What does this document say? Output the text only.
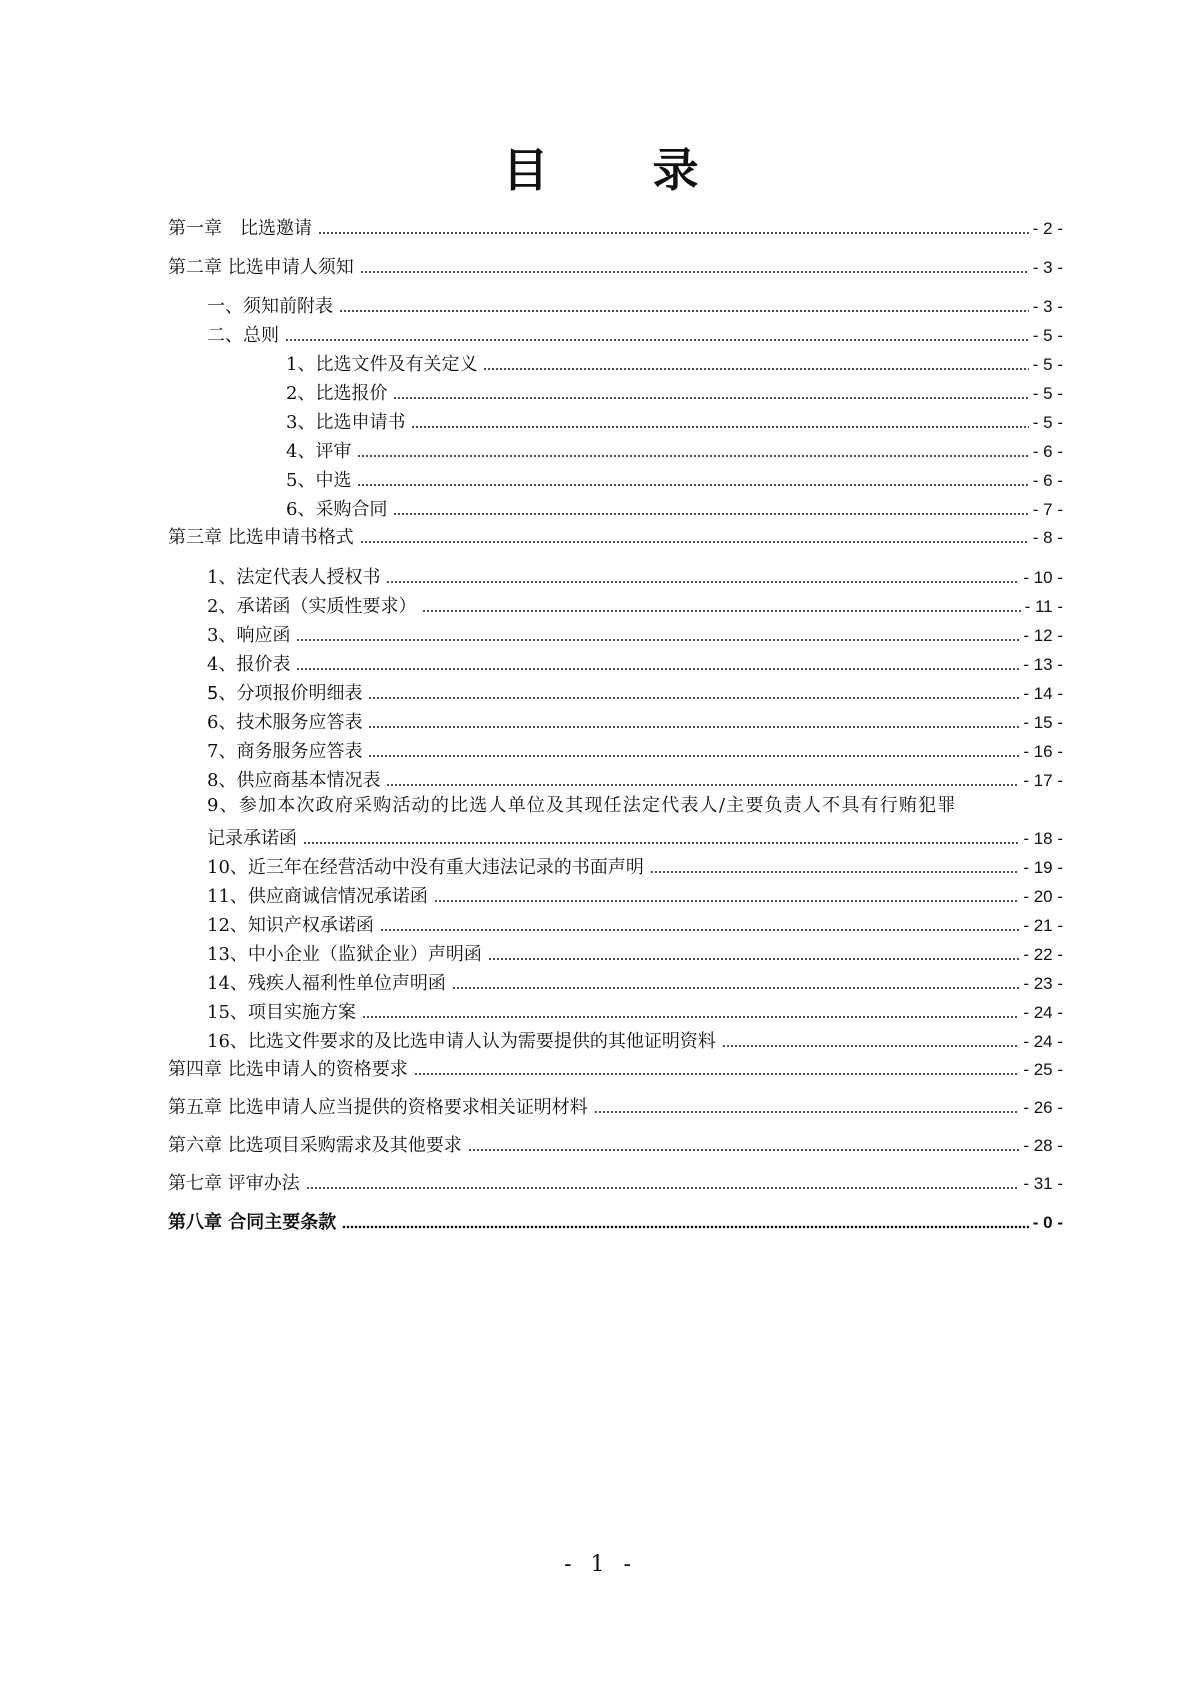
目 录
第一章　比选邀请	- 2 -
第二章 比选申请人须知	- 3 -
一、须知前附表	- 3 -
二、总则	- 5 -
1、比选文件及有关定义	- 5 -
2、比选报价	- 5 -
3、比选申请书	- 5 -
4、评审	- 6 -
5、中选	- 6 -
6、采购合同	- 7 -
第三章 比选申请书格式	- 8 -
1、法定代表人授权书	- 10 -
2、承诺函（实质性要求）	- 11 -
3、响应函	- 12 -
4、报价表	- 13 -
5、分项报价明细表	- 14 -
6、技术服务应答表	- 15 -
7、商务服务应答表	- 16 -
8、供应商基本情况表	- 17 -
9、参加本次政府采购活动的比选人单位及其现任法定代表人/主要负责人不具有行贿犯罪
记录承诺函	- 18 -
10、近三年在经营活动中没有重大违法记录的书面声明	- 19 -
11、供应商诚信情况承诺函	- 20 -
12、知识产权承诺函	- 21 -
13、中小企业（监狱企业）声明函	- 22 -
14、残疾人福利性单位声明函	- 23 -
15、项目实施方案	- 24 -
16、比选文件要求的及比选申请人认为需要提供的其他证明资料	- 24 -
第四章 比选申请人的资格要求	- 25 -
第五章 比选申请人应当提供的资格要求相关证明材料	- 26 -
第六章 比选项目采购需求及其他要求	- 28 -
第七章 评审办法	- 31 -
第八章 合同主要条款	- 0 -
- 1 -
